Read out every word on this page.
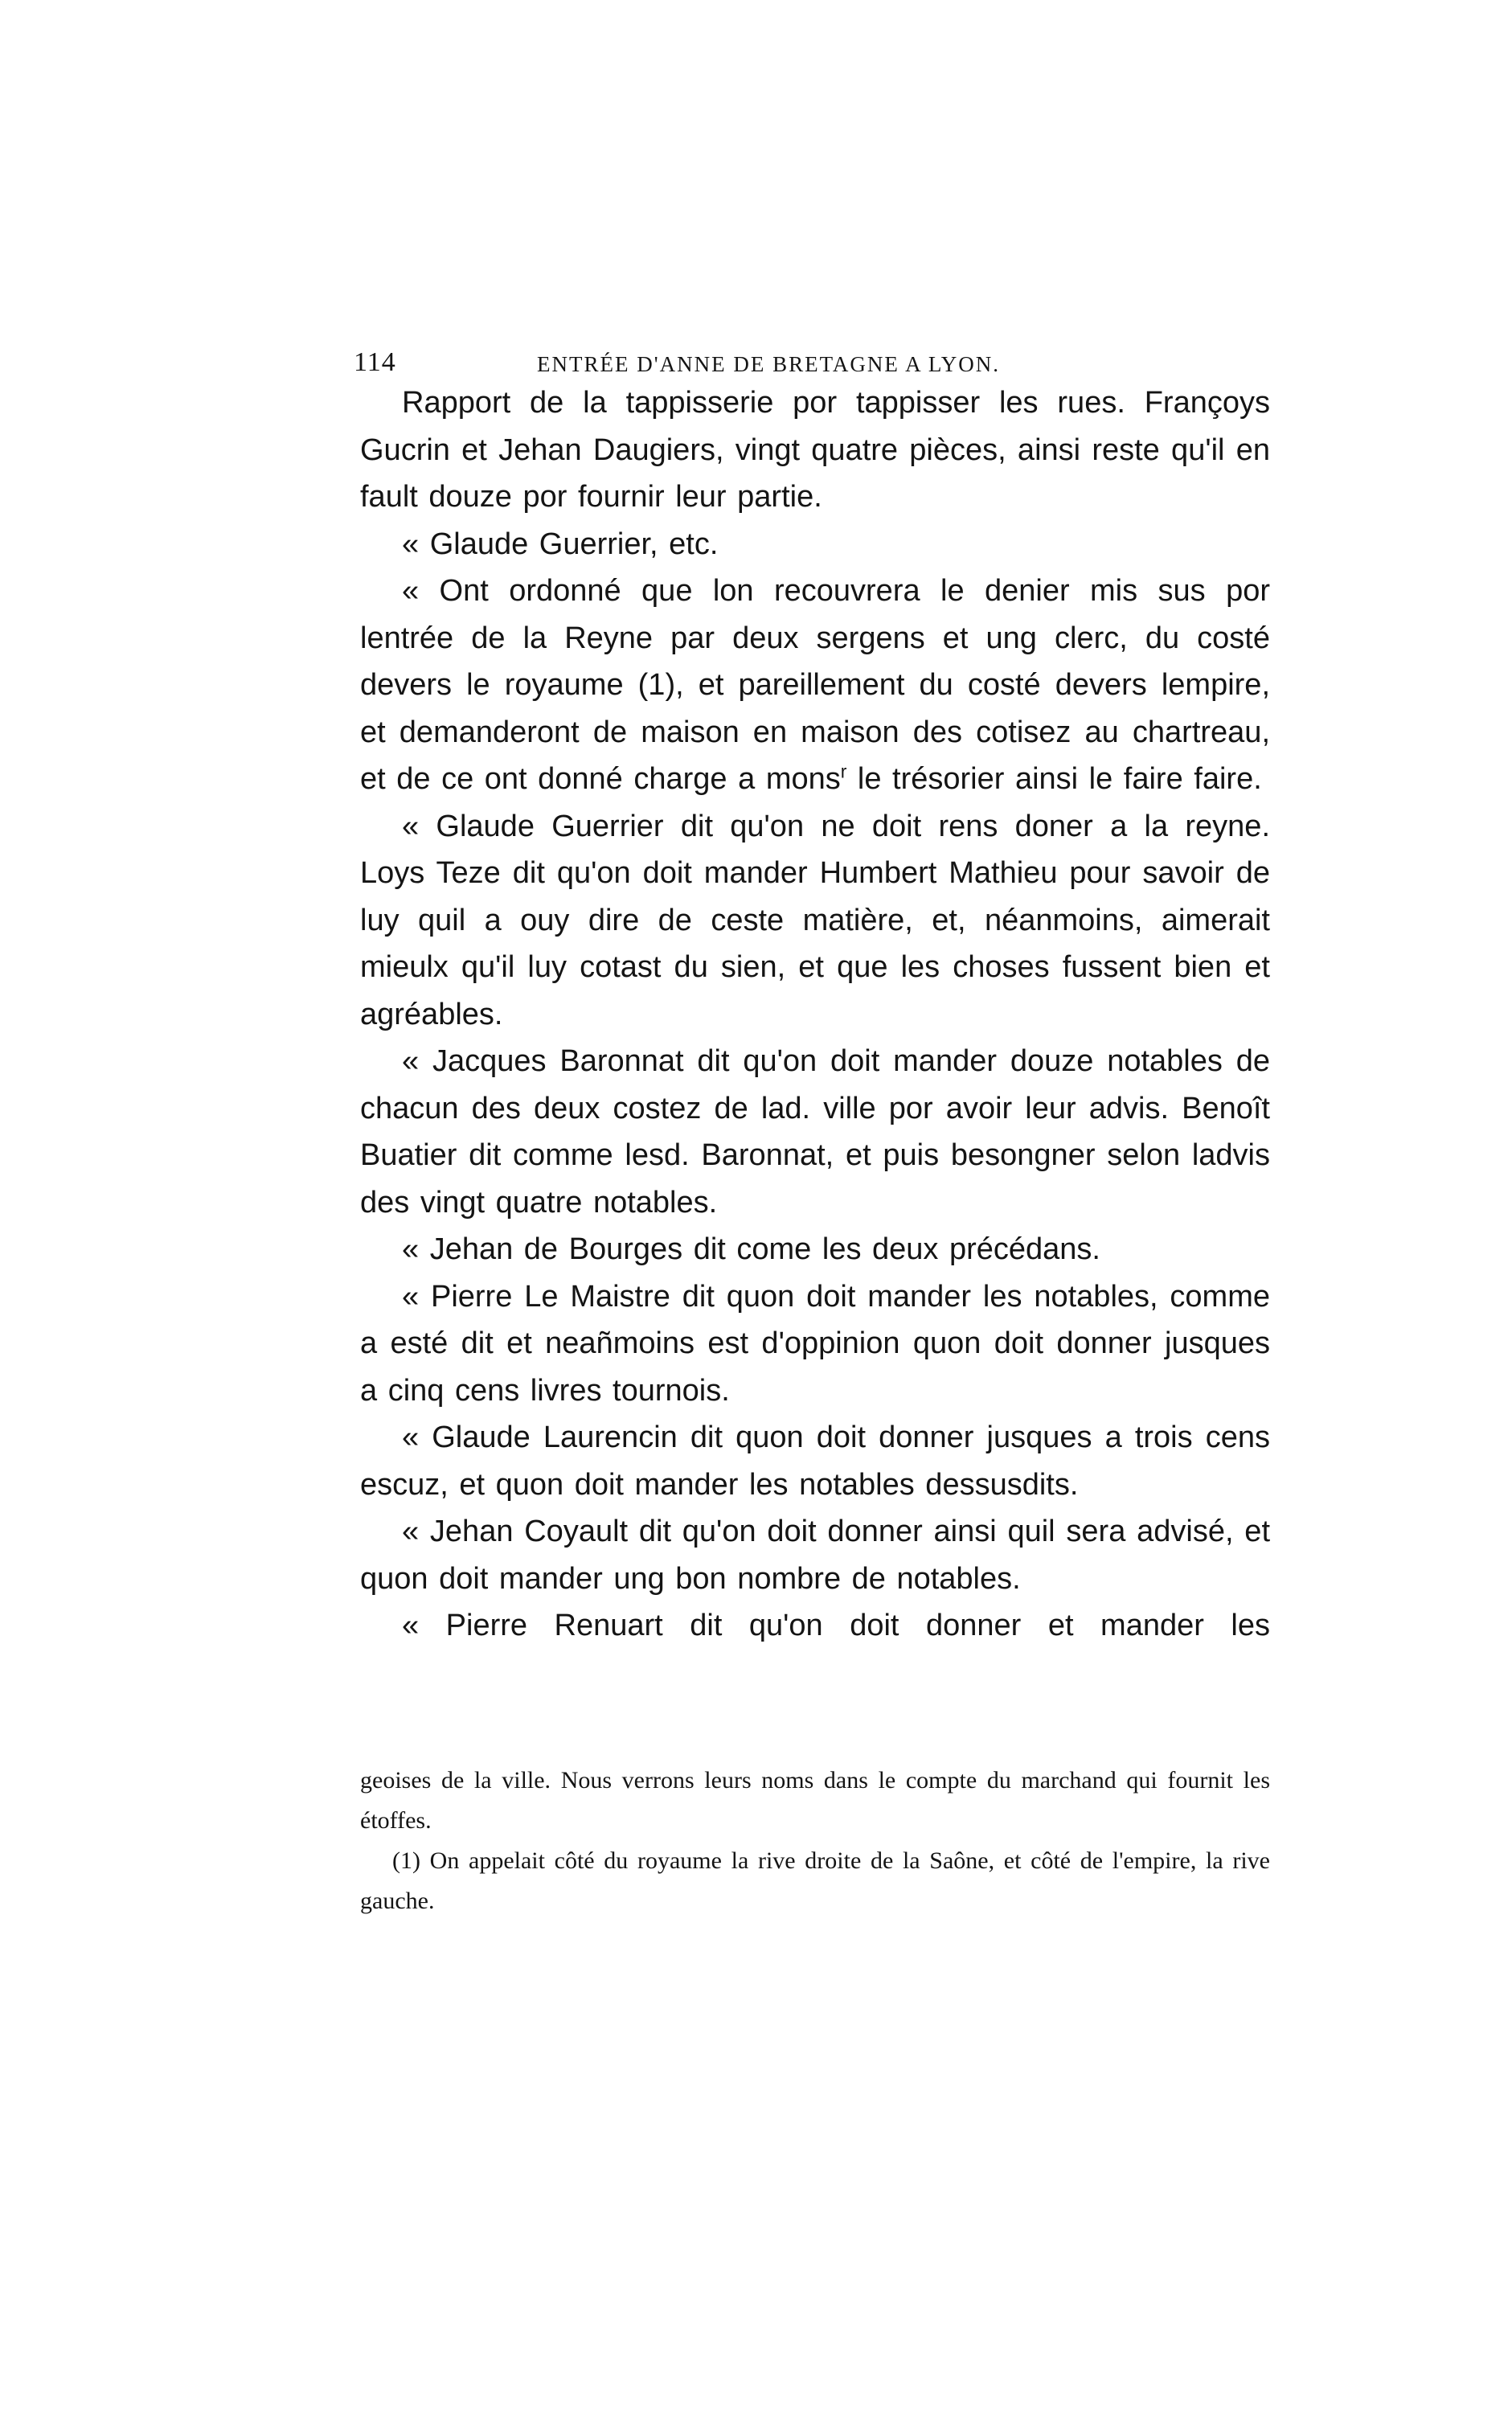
114	ENTRÉE D'ANNE DE BRETAGNE A LYON.

Rapport de la tappisserie por tappisser les rues. Françoys Gucrin et Jehan Daugiers, vingt quatre pièces, ainsi reste qu'il en fault douze por fournir leur partie.

« Glaude Guerrier, etc.

« Ont ordonné que lon recouvrera le denier mis sus por lentrée de la Reyne par deux sergens et ung clerc, du costé devers le royaume (1), et pareillement du costé devers lempire, et demanderont de maison en maison des cotisez au chartreau, et de ce ont donné charge a mons$^r$ le trésorier ainsi le faire faire.

« Glaude Guerrier dit qu'on ne doit rens doner a la reyne. Loys Teze dit qu'on doit mander Humbert Mathieu pour savoir de luy quil a ouy dire de ceste matière, et, néanmoins, aimerait mieulx qu'il luy cotast du sien, et que les choses fussent bien et agréables.

« Jacques Baronnat dit qu'on doit mander douze notables de chacun des deux costez de lad. ville por avoir leur advis. Benoît Buatier dit comme lesd. Baronnat, et puis besongner selon ladvis des vingt quatre notables.

« Jehan de Bourges dit come les deux précédans.

« Pierre Le Maistre dit quon doit mander les notables, comme a esté dit et neañmoins est d'oppinion quon doit donner jusques a cinq cens livres tournois.

« Glaude Laurencin dit quon doit donner jusques a trois cens escuz, et quon doit mander les notables dessusdits.

« Jehan Coyault dit qu'on doit donner ainsi quil sera advisé, et quon doit mander ung bon nombre de notables.

« Pierre Renuart dit qu'on doit donner et mander les

geoises de la ville. Nous verrons leurs noms dans le compte du marchand qui fournit les étoffes.

(1) On appelait côté du royaume la rive droite de la Saône, et côté de l'empire, la rive gauche.
